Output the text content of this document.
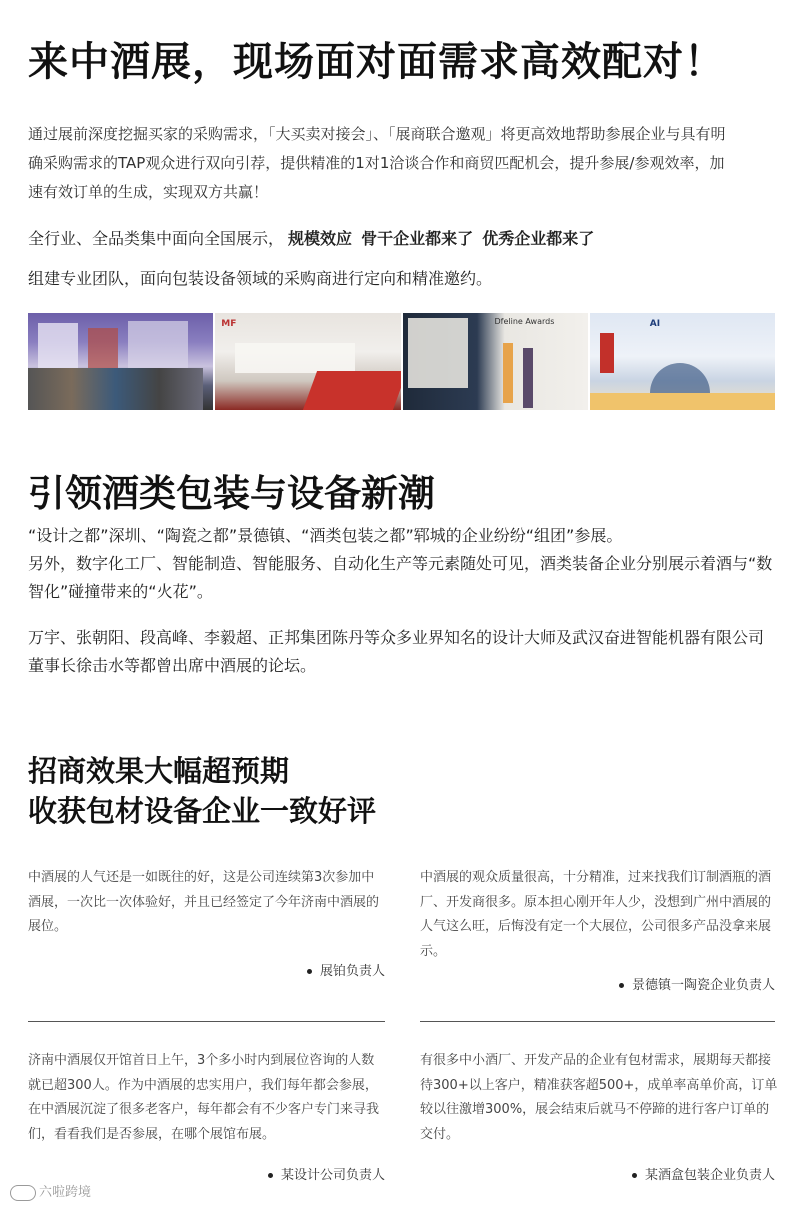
来中酒展，现场面对面需求高效配对！
通过展前深度挖掘买家的采购需求，「大买卖对接会」、「展商联合邀观」将更高效地帮助参展企业与具有明确采购需求的TAP观众进行双向引荐，提供精准的1对1洽谈合作和商贸匹配机会，提升参展/参观效率，加速有效订单的生成，实现双方共赢！
全行业、全品类集中面向全国展示， 规模效应 骨干企业都来了 优秀企业都来了
组建专业团队，面向包装设备领域的采购商进行定向和精准邀约。
MF	Dfeline Awards	AI
引领酒类包装与设备新潮
“设计之都”深圳、“陶瓷之都”景德镇、“酒类包装之都”郓城的企业纷纷“组团”参展。
另外，数字化工厂、智能制造、智能服务、自动化生产等元素随处可见，酒类装备企业分别展示着酒与“数智化”碰撞带来的“火花”。
万宇、张朝阳、段高峰、李毅超、正邦集团陈丹等众多业界知名的设计大师及武汉奋进智能机器有限公司董事长徐击水等都曾出席中酒展的论坛。
招商效果大幅超预期
收获包材设备企业一致好评
中酒展的人气还是一如既往的好，这是公司连续第3次参加中酒展，一次比一次体验好，并且已经签定了今年济南中酒展的展位。
展铂负责人
中酒展的观众质量很高，十分精准，过来找我们订制酒瓶的酒厂、开发商很多。原本担心刚开年人少，没想到广州中酒展的人气这么旺，后悔没有定一个大展位，公司很多产品没拿来展示。
景德镇一陶瓷企业负责人
济南中酒展仅开馆首日上午，3个多小时内到展位咨询的人数就已超300人。作为中酒展的忠实用户，我们每年都会参展，在中酒展沉淀了很多老客户，每年都会有不少客户专门来寻我们，看看我们是否参展，在哪个展馆布展。
某设计公司负责人
有很多中小酒厂、开发产品的企业有包材需求，展期每天都接待300+以上客户，精准获客超500+，成单率高单价高，订单较以往激增300%，展会结束后就马不停蹄的进行客户订单的交付。
某酒盒包装企业负责人
六啦跨境
